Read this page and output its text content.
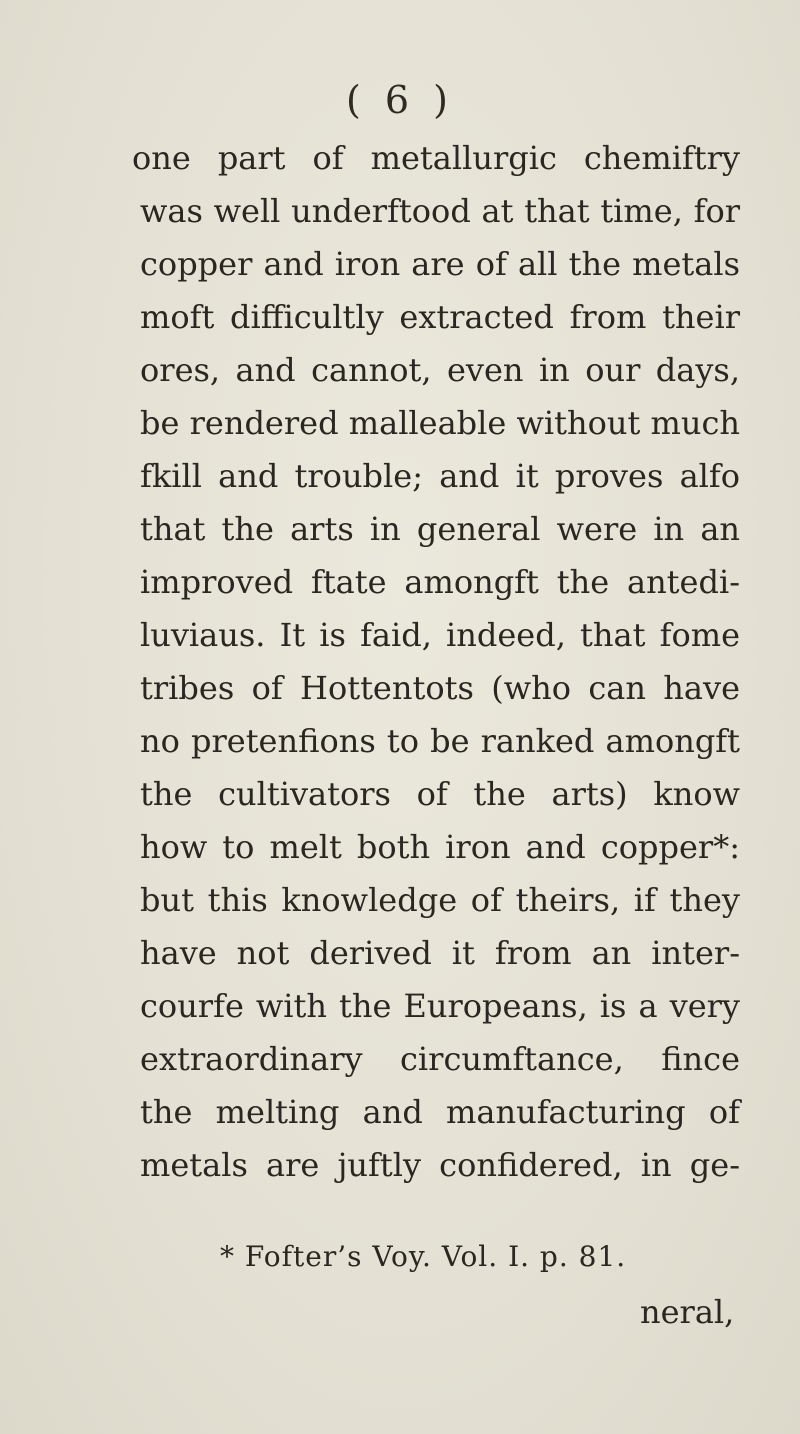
( 6 )
one part of metallurgic chemiftry
was well underftood at that time, for
copper and iron are of all the metals
moft difficultly extracted from their
ores, and cannot, even in our days,
be rendered malleable without much
fkill and trouble; and it proves alfo
that the arts in general were in an
improved ftate amongft the antedi-
luviaus. It is faid, indeed, that fome
tribes of Hottentots (who can have
no pretenfions to be ranked amongft
the cultivators of the arts) know
how to melt both iron and copper*:
but this knowledge of theirs, if they
have not derived it from an inter-
courfe with the Europeans, is a very
extraordinary circumftance, fince
the melting and manufacturing of
metals are juftly confidered, in ge-
* Fofter’s Voy. Vol. I. p. 81.
neral,
